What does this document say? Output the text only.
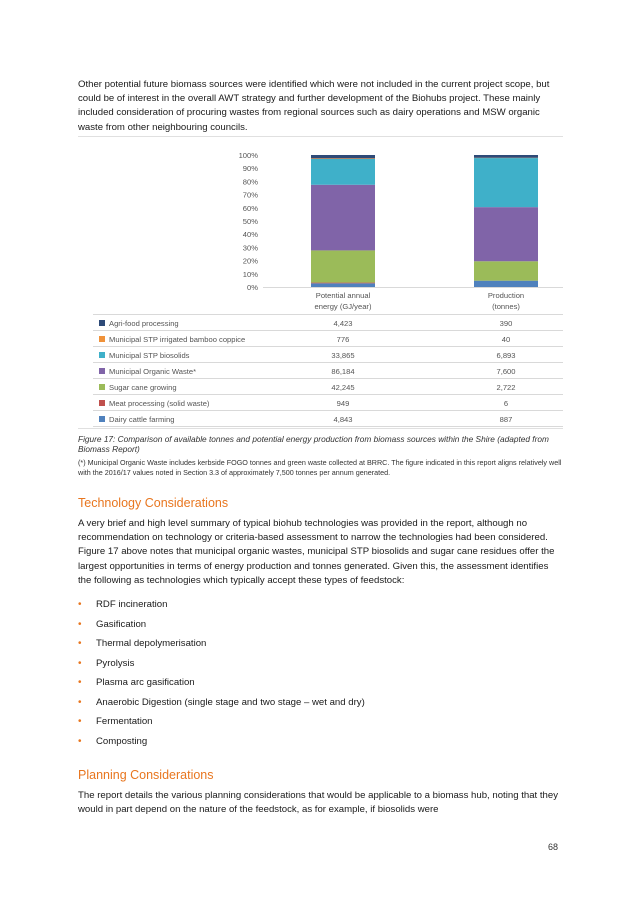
Other potential future biomass sources were identified which were not included in the current project scope, but could be of interest in the overall AWT strategy and further development of the Biohubs project. These mainly included consideration of procuring wastes from regional sources such as dairy operations and MSW organic waste from other neighbouring councils.

0%
10%
20%
30%
40%
50%
60%
70%
80%
90%
100%
Potential annual
energy (GJ/year)
Production
(tonnes)
Agri-food processing	4,423	390
Municipal STP irrigated bamboo coppice	776	40
Municipal STP biosolids	33,865	6,893
Municipal Organic Waste*	86,184	7,600
Sugar cane growing	42,245	2,722
Meat processing (solid waste)	949	6
Dairy cattle farming	4,843	887
Figure 17: Comparison of available tonnes and potential energy production from biomass sources within the Shire (adapted from Biomass Report)
(*) Municipal Organic Waste includes kerbside FOGO tonnes and green waste collected at BRRC. The figure indicated in this report aligns relatively well with the 2016/17 values noted in Section 3.3 of approximately 7,500 tonnes per annum generated.
Technology Considerations

A very brief and high level summary of typical biohub technologies was provided in the report, although no recommendation on technology or criteria-based assessment to narrow the technologies had been considered. Figure 17 above notes that municipal organic wastes, municipal STP biosolids and sugar cane residues offer the largest opportunities in terms of energy production and tonnes generated. Given this, the assessment identifies the following as technologies which typically accept these types of feedstock:

• RDF incineration
• Gasification
• Thermal depolymerisation
• Pyrolysis
• Plasma arc gasification
• Anaerobic Digestion (single stage and two stage – wet and dry)
• Fermentation
• Composting
Planning Considerations

The report details the various planning considerations that would be applicable to a biomass hub, noting that they would in part depend on the nature of the feedstock, as for example, if biosolids were

68
